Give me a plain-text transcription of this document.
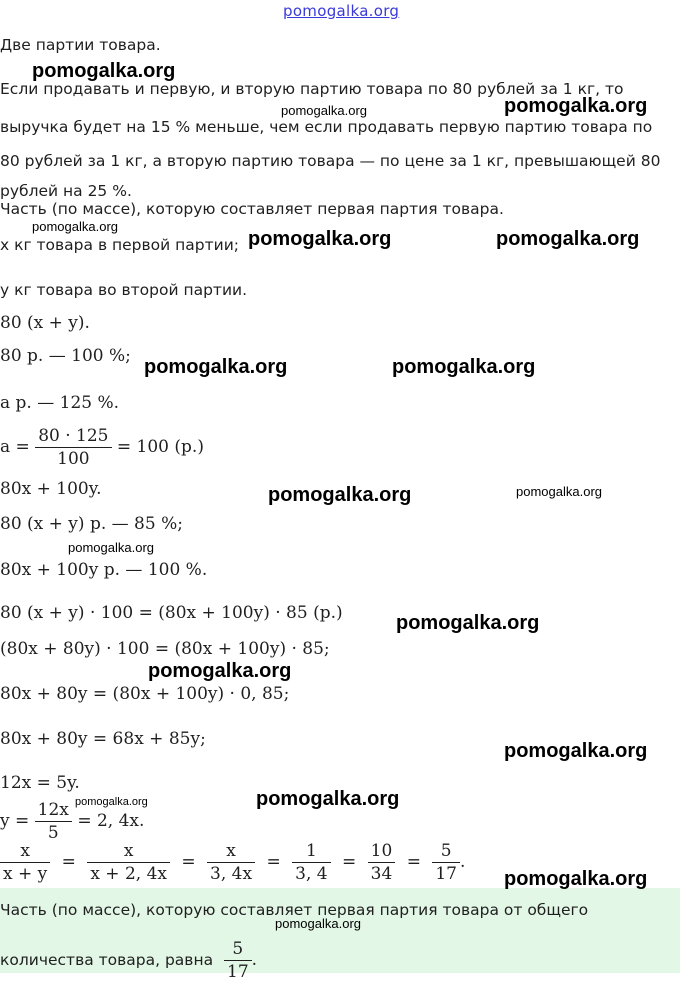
pomogalka.org
Две партии товара.
Если продавать и первую, и вторую партию товара по 80 рублей за 1 кг, то
выручка будет на 15 % меньше, чем если продавать первую партию товара по
80 рублей за 1 кг, а вторую партию товара — по цене за 1 кг, превышающей 80
рублей на 25 %.
Часть (по массе), которую составляет первая партия товара.
x кг товара в первой партии;
y кг товара во второй партии.
80 (x + y).
80 р. — 100 %;
a р. — 125 %.
$a = \frac{80 \cdot 125}{100} = 100$ (р.)
80x + 100y.
80 (x + y) р. — 85 %;
80x + 100y р. — 100 %.
80 (x + y) · 100 = (80x + 100y) · 85 (р.)
(80x + 80y) · 100 = (80x + 100y) · 85;
80x + 80y = (80x + 100y) · 0, 85;
80x + 80y = 68x + 85y;
12x = 5y.
$y = \frac{12x}{5} = 2$, 4x.
$\frac{x}{x + y} = \frac{x}{x + 2, 4x} = \frac{x}{3, 4x} = \frac{1}{3, 4} = \frac{10}{34} = \frac{5}{17}$ .
Часть (по массе), которую составляет первая партия товара от общего
количества товара, равна $\frac{5}{17}$ .
pomogalka.org
pomogalka.org
pomogalka.org
pomogalka.org
pomogalka.org	pomogalka.org
pomogalka.org	pomogalka.org
pomogalka.org	pomogalka.org
pomogalka.org
pomogalka.org
pomogalka.org
pomogalka.org
pomogalka.org
pomogalka.org
pomogalka.org
pomogalka.org
